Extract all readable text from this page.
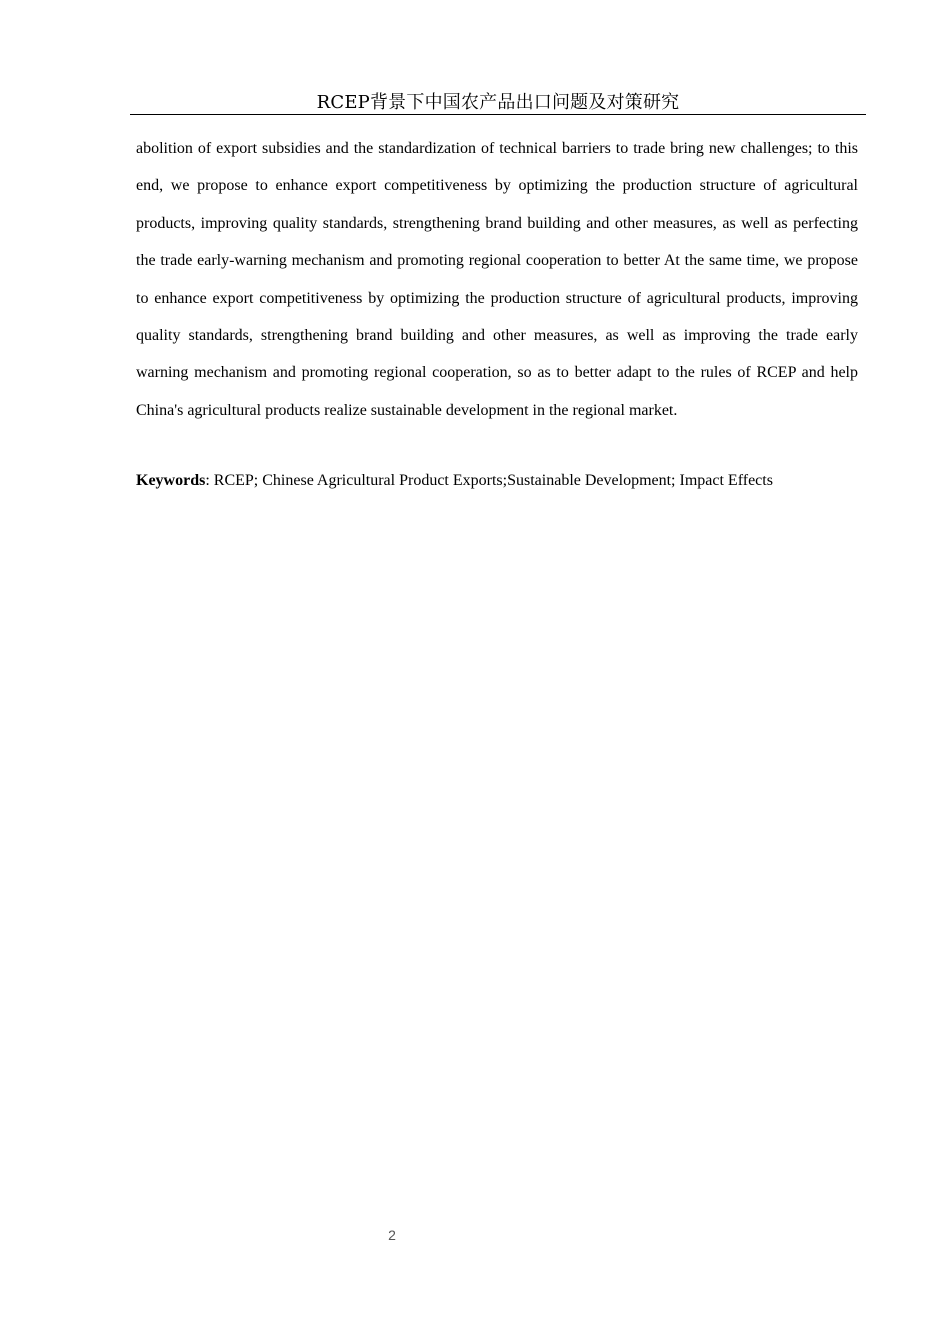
RCEP背景下中国农产品出口问题及对策研究

abolition of export subsidies and the standardization of technical barriers to trade bring new challenges; to this end, we propose to enhance export competitiveness by optimizing the production structure of agricultural products, improving quality standards, strengthening brand building and other measures, as well as perfecting the trade early-warning mechanism and promoting regional cooperation to better At the same time, we propose to enhance export competitiveness by optimizing the production structure of agricultural products, improving quality standards, strengthening brand building and other measures, as well as improving the trade early warning mechanism and promoting regional cooperation, so as to better adapt to the rules of RCEP and help China's agricultural products realize sustainable development in the regional market.

Keywords: RCEP; Chinese Agricultural Product Exports;Sustainable Development; Impact Effects

2
